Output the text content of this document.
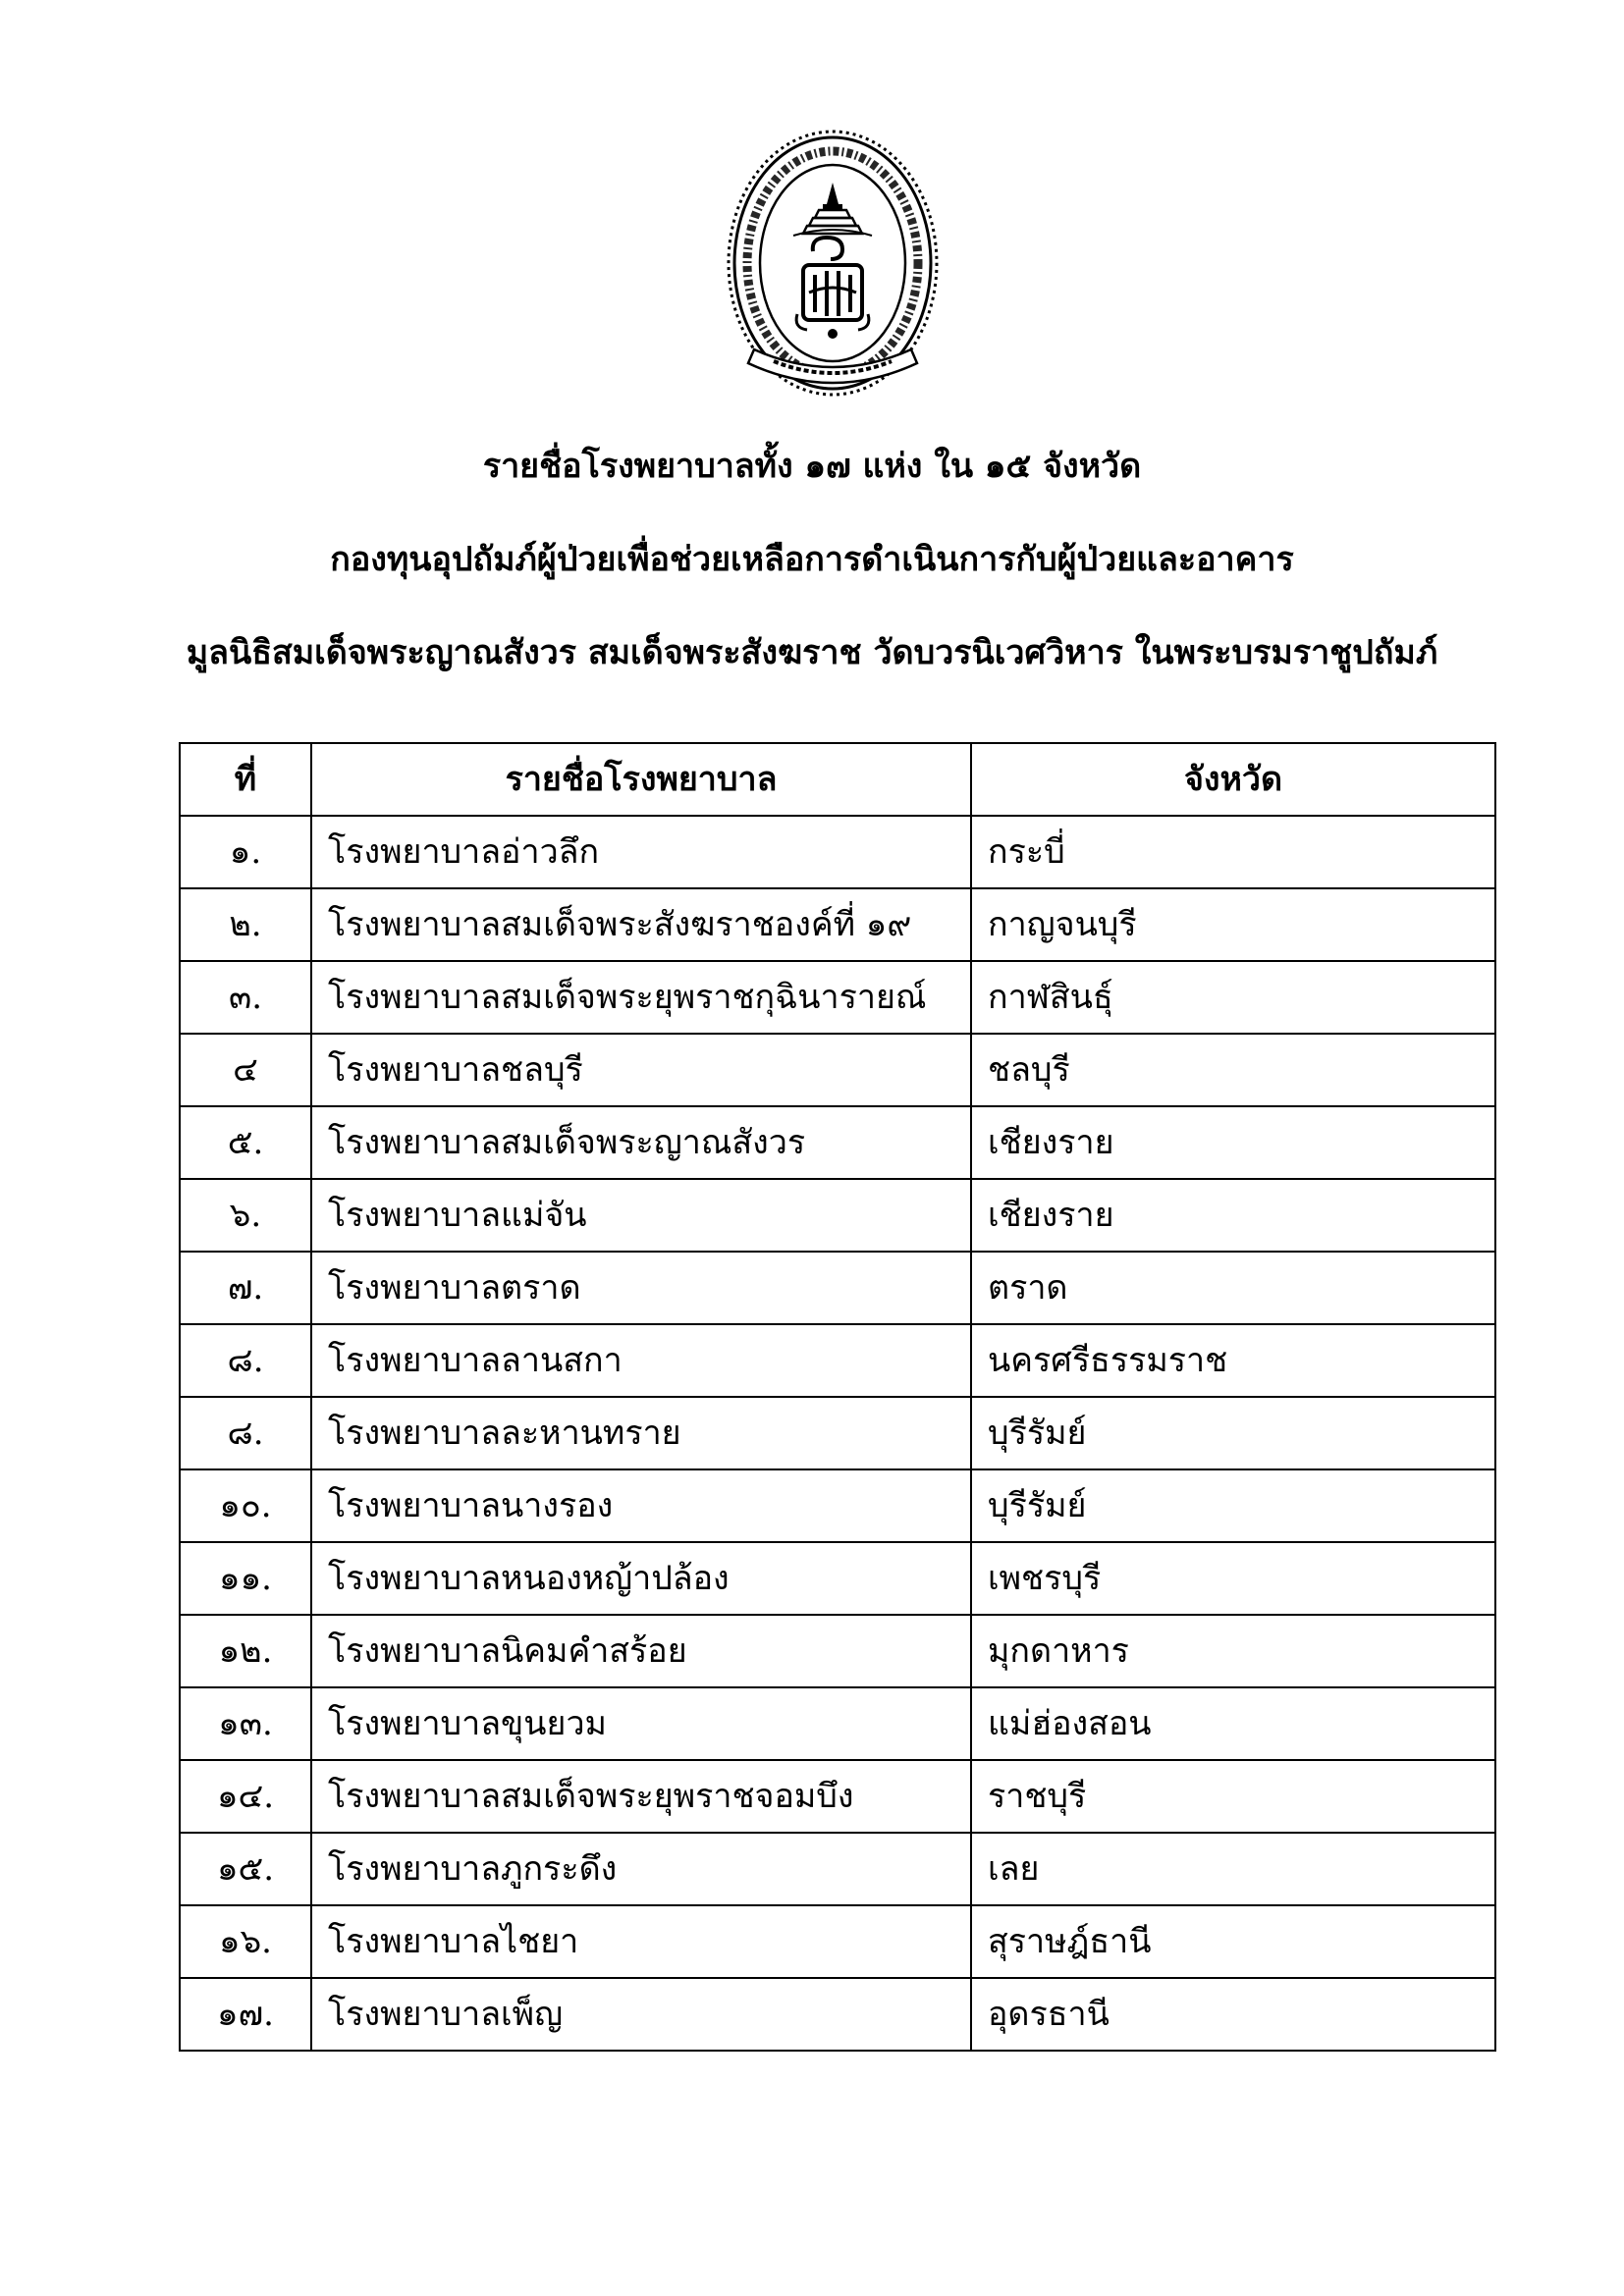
รายชื่อโรงพยาบาลทั้ง ๑๗ แห่ง ใน ๑๕ จังหวัด
กองทุนอุปถัมภ์ผู้ป่วยเพื่อช่วยเหลือการดำเนินการกับผู้ป่วยและอาคาร
มูลนิธิสมเด็จพระญาณสังวร สมเด็จพระสังฆราช วัดบวรนิเวศวิหาร ในพระบรมราชูปถัมภ์
ที่	รายชื่อโรงพยาบาล	จังหวัด
๑.	โรงพยาบาลอ่าวลึก	กระบี่
๒.	โรงพยาบาลสมเด็จพระสังฆราชองค์ที่ ๑๙	กาญจนบุรี
๓.	โรงพยาบาลสมเด็จพระยุพราชกุฉินารายณ์	กาฬสินธุ์
๔	โรงพยาบาลชลบุรี	ชลบุรี
๕.	โรงพยาบาลสมเด็จพระญาณสังวร	เชียงราย
๖.	โรงพยาบาลแม่จัน	เชียงราย
๗.	โรงพยาบาลตราด	ตราด
๘.	โรงพยาบาลลานสกา	นครศรีธรรมราช
๘.	โรงพยาบาลละหานทราย	บุรีรัมย์
๑๐.	โรงพยาบาลนางรอง	บุรีรัมย์
๑๑.	โรงพยาบาลหนองหญ้าปล้อง	เพชรบุรี
๑๒.	โรงพยาบาลนิคมคำสร้อย	มุกดาหาร
๑๓.	โรงพยาบาลขุนยวม	แม่ฮ่องสอน
๑๔.	โรงพยาบาลสมเด็จพระยุพราชจอมบึง	ราชบุรี
๑๕.	โรงพยาบาลภูกระดึง	เลย
๑๖.	โรงพยาบาลไชยา	สุราษฎ์ธานี
๑๗.	โรงพยาบาลเพ็ญ	อุดรธานี
